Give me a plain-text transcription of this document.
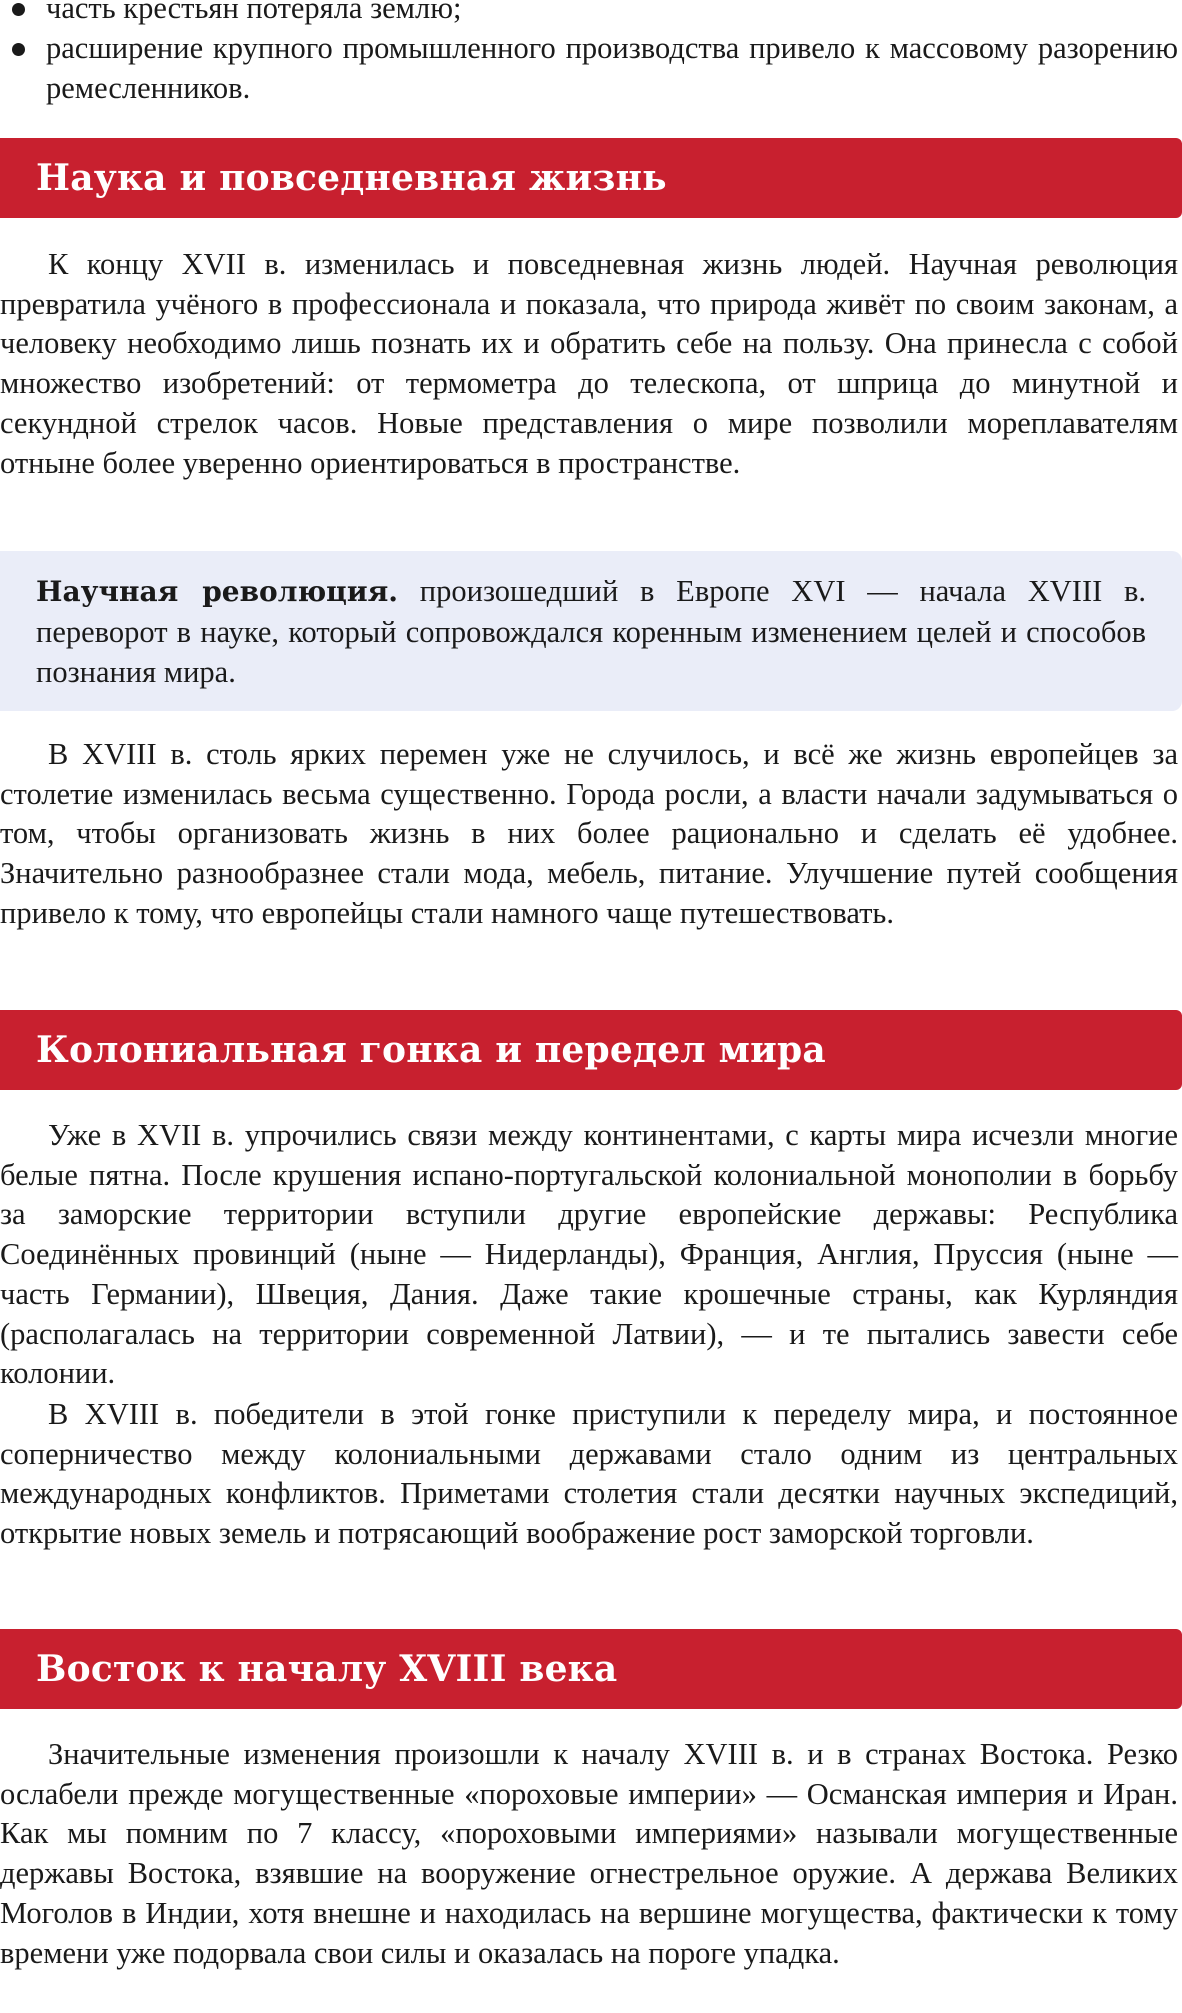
часть крестьян потеряла землю;
расширение крупного промышленного производства привело к массовому разорению ремесленников.
Наука и повседневная жизнь

К концу XVII в. изменилась и повседневная жизнь людей. Научная революция превратила учёного в профессионала и показала, что природа живёт по своим законам, а человеку необходимо лишь познать их и обратить себе на пользу. Она принесла с собой множество изобретений: от термометра до телескопа, от шприца до минутной и секундной стрелок часов. Новые представления о мире позволили мореплавателям отныне более уверенно ориентироваться в пространстве.

Научная революция. произошедший в Европе XVI — начала XVIII в. переворот в науке, который сопровождался коренным изменением целей и способов познания мира.

В XVIII в. столь ярких перемен уже не случилось, и всё же жизнь европейцев за столетие изменилась весьма существенно. Города росли, а власти начали задумываться о том, чтобы организовать жизнь в них более рационально и сделать её удобнее. Значительно разнообразнее стали мода, мебель, питание. Улучшение путей сообщения привело к тому, что европейцы стали намного чаще путешествовать.

Колониальная гонка и передел мира

Уже в XVII в. упрочились связи между континентами, с карты мира исчезли многие белые пятна. После крушения испано-португальской колониальной монополии в борьбу за заморские территории вступили другие европейские державы: Республика Соединённых провинций (ныне — Нидерланды), Франция, Англия, Пруссия (ныне — часть Германии), Швеция, Дания. Даже такие крошечные страны, как Курляндия (располагалась на территории современной Латвии), — и те пытались завести себе колонии.

В XVIII в. победители в этой гонке приступили к переделу мира, и постоянное соперничество между колониальными державами стало одним из центральных международных конфликтов. Приметами столетия стали десятки научных экспедиций, открытие новых земель и потрясающий воображение рост заморской торговли.

Восток к началу XVIII века

Значительные изменения произошли к началу XVIII в. и в странах Востока. Резко ослабели прежде могущественные «пороховые империи» — Османская империя и Иран. Как мы помним по 7 классу, «пороховыми империями» называли могущественные державы Востока, взявшие на вооружение огнестрельное оружие. А держава Великих Моголов в Индии, хотя внешне и находилась на вершине могущества, фактически к тому времени уже подорвала свои силы и оказалась на пороге упадка.
